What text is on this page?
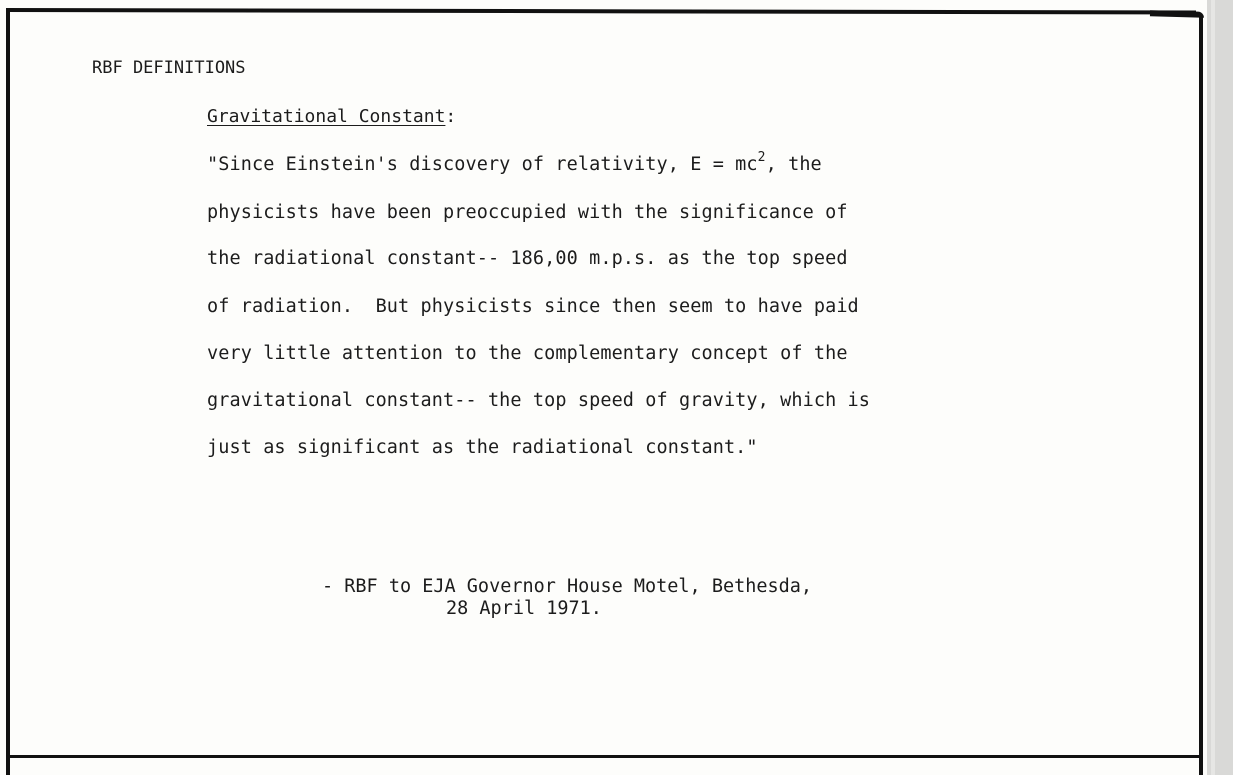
RBF DEFINITIONS
Gravitational Constant:
"Since Einstein's discovery of relativity, $E = mc^2$, the
physicists have been preoccupied with the significance of
the radiational constant-- 186,00 m.p.s. as the top speed
of radiation.  But physicists since then seem to have paid
very little attention to the complementary concept of the
gravitational constant-- the top speed of gravity, which is
just as significant as the radiational constant."
- RBF to EJA Governor House Motel, Bethesda,
28 April 1971.
